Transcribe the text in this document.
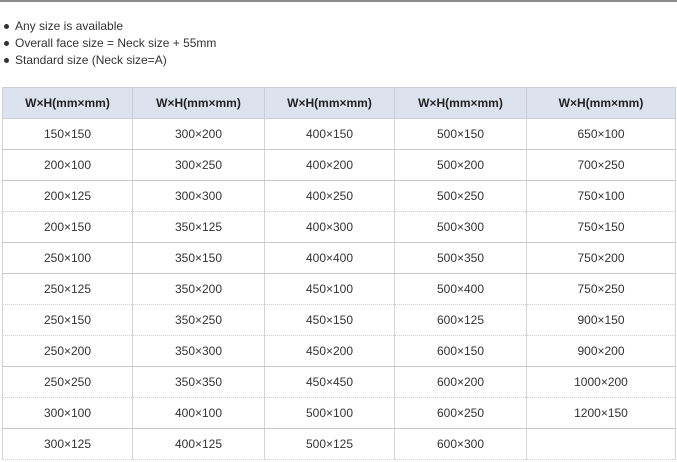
Any size is available
Overall face size = Neck size + 55mm
Standard size (Neck size=A)
W×H(mm×mm)	W×H(mm×mm)	W×H(mm×mm)	W×H(mm×mm)	W×H(mm×mm)
150×150	300×200	400×150	500×150	650×100
200×100	300×250	400×200	500×200	700×250
200×125	300×300	400×250	500×250	750×100
200×150	350×125	400×300	500×300	750×150
250×100	350×150	400×400	500×350	750×200
250×125	350×200	450×100	500×400	750×250
250×150	350×250	450×150	600×125	900×150
250×200	350×300	450×200	600×150	900×200
250×250	350×350	450×450	600×200	1000×200
300×100	400×100	500×100	600×250	1200×150
300×125	400×125	500×125	600×300	
